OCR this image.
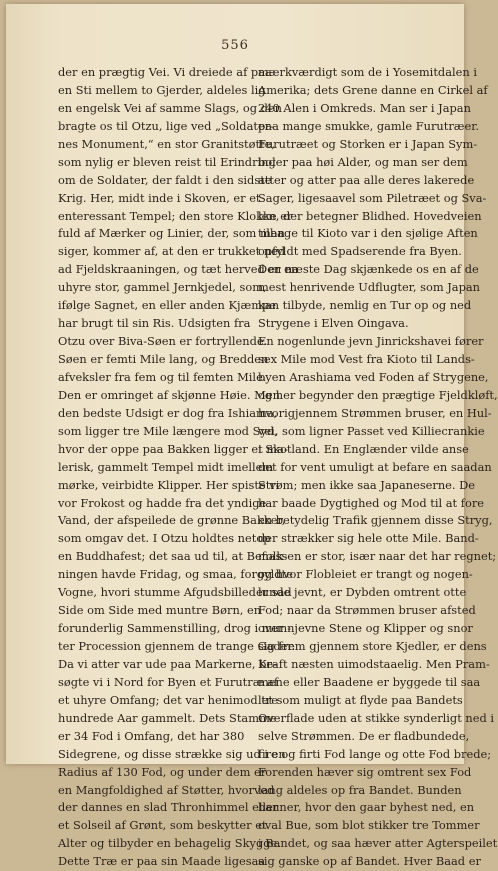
556
der en prægtig Vei. Vi dreiede af paa
en Sti mellem to Gjerder, aldeles lig
en engelsk Vei af samme Slags, og den
bragte os til Otzu, lige ved „Soldater-
nes Monument,“ en stor Granitstøtte,
som nylig er bleven reist til Erindring
om de Soldater, der faldt i den sidste
Krig. Her, midt inde i Skoven, er et
enteressant Tempel; den store Klokke er
fuld af Mærker og Linier, der, som man
siger, kommer af, at den er trukket ned
ad Fjeldskraaningen, og tæt herved er en
uhyre stor, gammel Jernkjedel, som,
ifølge Sagnet, en eller anden Kjæmpe
har brugt til sin Ris. Udsigten fra
Otzu over Biva-Søen er fortryllende.
Søen er femti Mile lang, og Bredden
afveksler fra fem og til femten Mile.
Den er omringet af skjønne Høie. Men
den bedste Udsigt er dog fra Ishiama,
som ligger tre Mile længere mod Syd,
hvor der oppe paa Bakken ligger et ma-
lerisk, gammelt Tempel midt imellem
mørke, veirbidte Klipper. Her spiste vi
vor Frokost og hadde fra det yndige
Vand, der afspeilede de grønne Bakker,
som omgav det. I Otzu holdtes netop
en Buddhafest; det saa ud til, at Befolk-
ningen havde Fridag, og smaa, forgyldte
Vogne, hvori stumme Afgudsbilleder sad
Side om Side med muntre Børn, en
forunderlig Sammenstilling, drog i mun-
ter Procession gjennem de trange Gader.
Da vi atter var ude paa Markerne, be-
søgte vi i Nord for Byen et Furutræ af
et uhyre Omfang; det var henimod tre
hundrede Aar gammelt. Dets Stamme
er 34 Fod i Omfang, det har 380
Sidegrene, og disse strække sig ud i en
Radius af 130 Fod, og under dem er
en Mangfoldighed af Støtter, hvorved
der dannes en slad Thronhimmel eller
et Solseil af Grønt, som beskytter et
Alter og tilbyder en behagelig Skygge.
Dette Træ er paa sin Maade ligesaa
mærkværdigt som de i Yosemitdalen i
Amerika; dets Grene danne en Cirkel af
240 Alen i Omkreds. Man ser i Japan
paa mange smukke, gamle Furutræer.
Furutræet og Storken er i Japan Sym-
boler paa høi Alder, og man ser dem
atter og atter paa alle deres lakerede
Sager, ligesaavel som Piletræet og Sva-
len, der betegner Blidhed. Hovedveien
tilbage til Kioto var i den sjølige Aften
opfyldt med Spadserende fra Byen.
Den næste Dag skjænkede os en af de
mest henrivende Udflugter, som Japan
kan tilbyde, nemlig en Tur op og ned
Strygene i Elven Oingava.
En nogenlunde jevn Jinrickshavei fører
sex Mile mod Vest fra Kioto til Lands-
byen Arashiama ved Foden af Strygene,
og her begynder den prægtige Fjeldkløft,
hvorigjennem Strømmen bruser, en Hul-
vei, som ligner Passet ved Killiecrankie
i Skotland. En Englænder vilde anse
det for vent umuligt at befare en saadan
Strøm; men ikke saa Japaneserne. De
har baade Dygtighed og Mod til at fore
en betydelig Trafik gjennem disse Stryg,
der strækker sig hele otte Mile. Band-
massen er stor, især naar det har regnet;
og hvor Flobleiet er trangt og nogen-
lunde jevnt, er Dybden omtrent otte
Fod; naar da Strømmen bruser afsted
over njevne Stene og Klipper og snor
sig frem gjennem store Kjedler, er dens
Kraft næsten uimodstaaelig. Men Pram-
mene eller Baadene er byggede til saa
let som muligt at flyde paa Bandets
Overflade uden at stikke synderligt ned i
selve Strømmen. De er fladbundede,
fire og firti Fod lange og otte Fod brede;
Forenden hæver sig omtrent sex Fod
lang aldeles op fra Bandet. Bunden
banner, hvor den gaar byhest ned, en
oval Bue, som blot stikker tre Tommer
i Bandet, og saa hæver atter Agterspeilet
sig ganske op af Bandet. Hver Baad er
